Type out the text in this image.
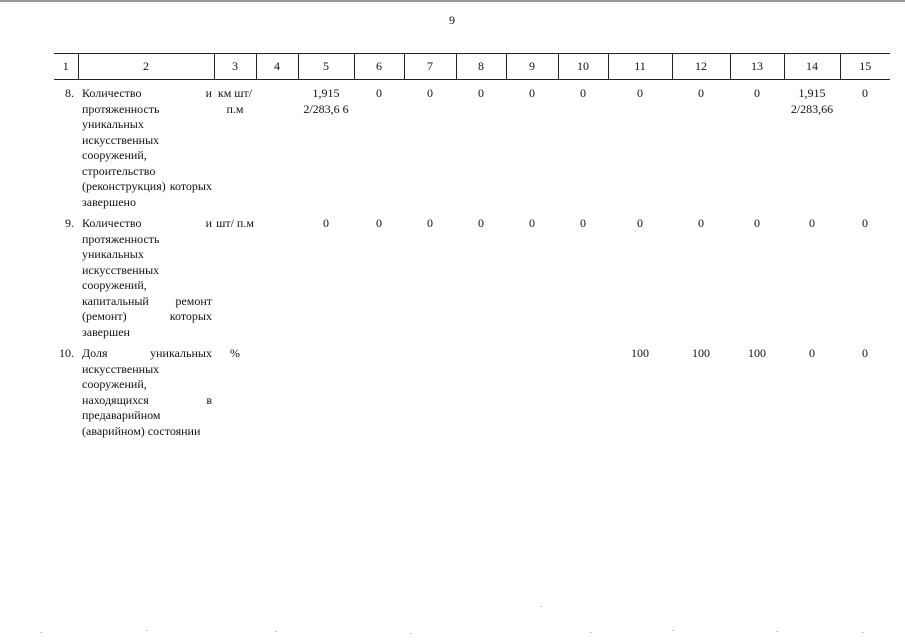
9
1	2	3	4	5	6	7	8	9	10	11	12	13	14	15
8.	Количество и протяженность уникальных искусственных сооружений, строительство (реконструкция) которых завершено	км шт/ п.м		1,915 2/283,6 6	0	0	0	0	0	0	0	0	1,915 2/283,66	0
9.	Количество и протяженность уникальных искусственных сооружений, капитальный ремонт (ремонт) которых завершен	шт/ п.м		0	0	0	0	0	0	0	0	0	0	0
10.	Доля уникальных искусственных сооружений, находящихся в предаварийном (аварийном) состоянии	%								100	100	100	0	0
